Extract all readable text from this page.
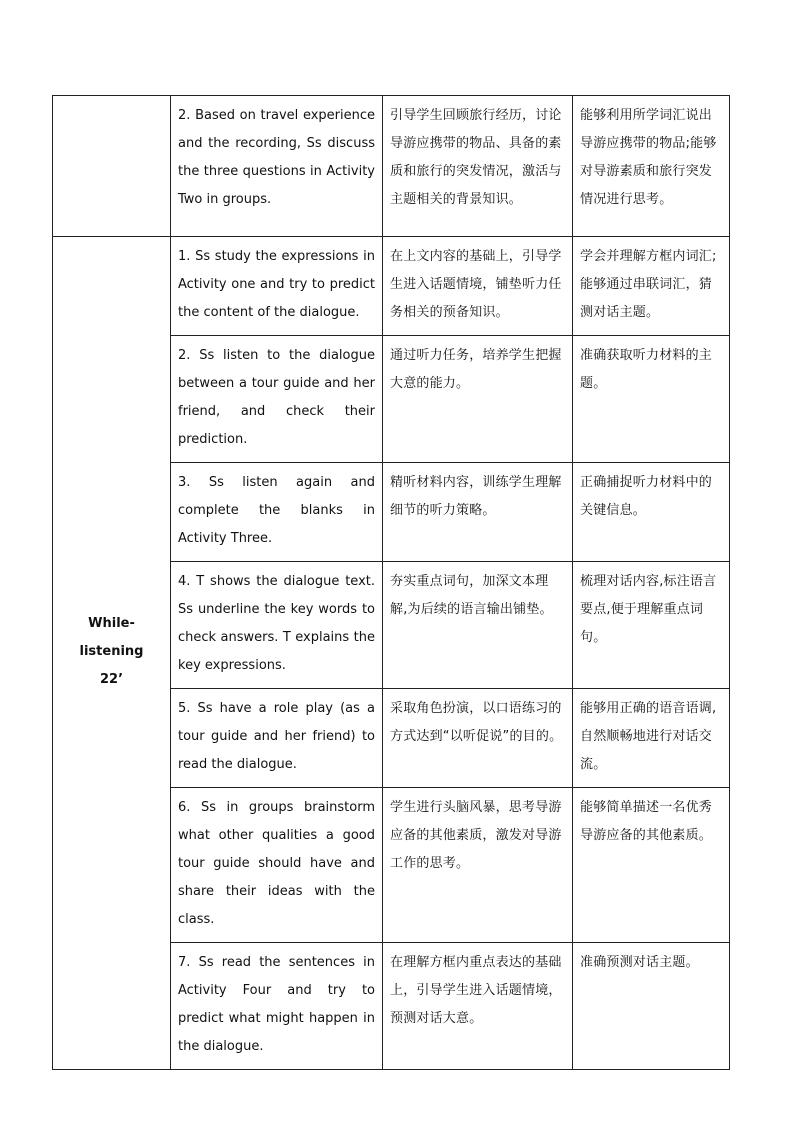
	2. Based on travel experience and the recording, Ss discuss the three questions in Activity Two in groups.	引导学生回顾旅行经历，讨论导游应携带的物品、具备的素质和旅行的突发情况，激活与主题相关的背景知识。	能够利用所学词汇说出导游应携带的物品;能够对导游素质和旅行突发情况进行思考。

While-listening
22’	1. Ss study the expressions in Activity one and try to predict the content of the dialogue.	在上文内容的基础上，引导学生进入话题情境，铺垫听力任务相关的预备知识。	学会并理解方框内词汇;能够通过串联词汇，猜测对话主题。
	2. Ss listen to the dialogue between a tour guide and her friend, and check their prediction.	通过听力任务，培养学生把握大意的能力。	准确获取听力材料的主题。
	3. Ss listen again and complete the blanks in Activity Three.	精听材料内容，训练学生理解细节的听力策略。	正确捕捉听力材料中的关键信息。
	4. T shows the dialogue text. Ss underline the key words to check answers. T explains the key expressions.	夯实重点词句，加深文本理解,为后续的语言输出铺垫。	梳理对话内容,标注语言要点,便于理解重点词句。
	5. Ss have a role play (as a tour guide and her friend) to read the dialogue.	采取角色扮演，以口语练习的方式达到“以听促说”的目的。	能够用正确的语音语调,自然顺畅地进行对话交流。
	6. Ss in groups brainstorm what other qualities a good tour guide should have and share their ideas with the class.	学生进行头脑风暴，思考导游应备的其他素质，激发对导游工作的思考。	能够简单描述一名优秀导游应备的其他素质。
	7. Ss read the sentences in Activity Four and try to predict what might happen in the dialogue.	在理解方框内重点表达的基础上，引导学生进入话题情境，预测对话大意。	准确预测对话主题。
